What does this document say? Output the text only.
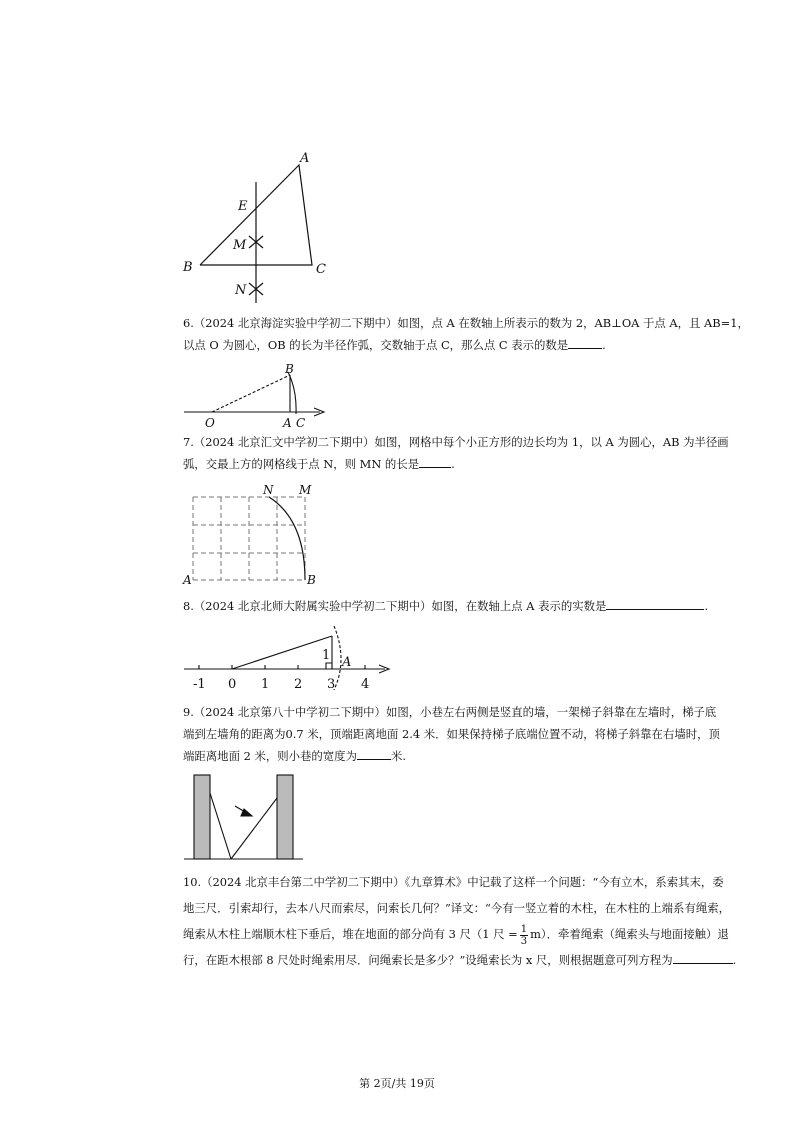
A
E
M
B	C
N
O	A C
B
N M
A	B
-1 0 1 2 3 4
1 A

6.（2024 北京海淀实验中学初二下期中）如图，点 A 在数轴上所表示的数为 2，AB⊥OA 于点 A，且 AB=1，

以点 O 为圆心，OB 的长为半径作弧，交数轴于点 C，那么点 C 表示的数是	.

7.（2024 北京汇文中学初二下期中）如图，网格中每个小正方形的边长均为 1，以 A 为圆心，AB 为半径画

弧，交最上方的网格线于点 N，则 MN 的长是	.

8.（2024 北京北师大附属实验中学初二下期中）如图，在数轴上点 A 表示的实数是	.

9.（2024 北京第八十中学初二下期中）如图，小巷左右两侧是竖直的墙，一架梯子斜靠在左墙时，梯子底

端到左墙角的距离为0.7 米，顶端距离地面 2.4 米．如果保持梯子底端位置不动，将梯子斜靠在右墙时，顶

端距离地面 2 米，则小巷的宽度为	米.

10.（2024 北京丰台第二中学初二下期中）《九章算术》中记载了这样一个问题：“今有立木，系索其末，委

地三尺．引索却行，去本八尺而索尽，问索长几何？”译文：“今有一竖立着的木柱，在木柱的上端系有绳索，

绳索从木柱上端顺木柱下垂后，堆在地面的部分尚有 3 尺（1 尺 = $\frac{1}{3} m$）．牵着绳索（绳索头与地面接触）退

行，在距木根部 8 尺处时绳索用尽．问绳索长是多少？”设绳索长为 x 尺，则根据题意可列方程为	.

第 2页/共 19页
